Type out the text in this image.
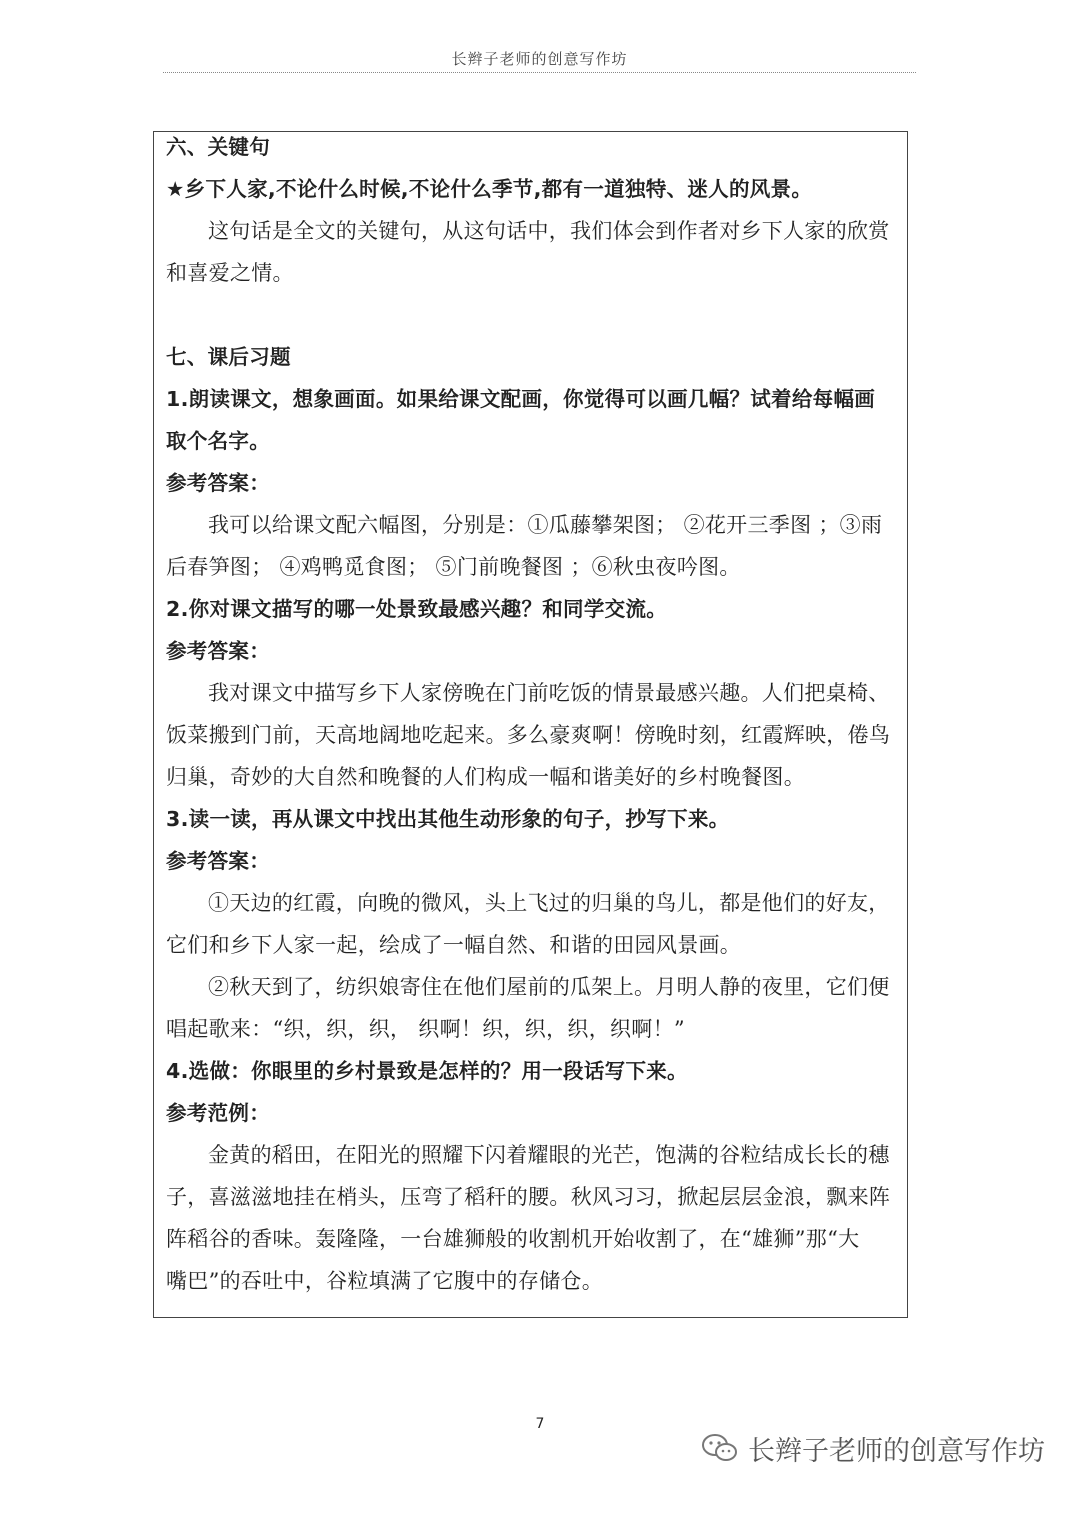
长辫子老师的创意写作坊
六、关键句
★乡下人家,不论什么时候,不论什么季节,都有一道独特、迷人的风景。
这句话是全文的关键句，从这句话中，我们体会到作者对乡下人家的欣赏
和喜爱之情。
七、课后习题
1.朗读课文，想象画面。如果给课文配画，你觉得可以画几幅？试着给每幅画
取个名字。
参考答案：
我可以给课文配六幅图，分别是：①瓜藤攀架图； ②花开三季图 ；③雨
后春笋图； ④鸡鸭觅食图； ⑤门前晚餐图 ；⑥秋虫夜吟图。
2.你对课文描写的哪一处景致最感兴趣？和同学交流。
参考答案：
我对课文中描写乡下人家傍晚在门前吃饭的情景最感兴趣。人们把桌椅、
饭菜搬到门前，天高地阔地吃起来。多么豪爽啊！傍晚时刻，红霞辉映，倦鸟
归巢，奇妙的大自然和晚餐的人们构成一幅和谐美好的乡村晚餐图。
3.读一读，再从课文中找出其他生动形象的句子，抄写下来。
参考答案：
①天边的红霞，向晚的微风，头上飞过的归巢的鸟儿，都是他们的好友，
它们和乡下人家一起，绘成了一幅自然、和谐的田园风景画。
②秋天到了，纺织娘寄住在他们屋前的瓜架上。月明人静的夜里，它们便
唱起歌来：“织，织，织， 织啊！织，织，织，织啊！”
4.选做：你眼里的乡村景致是怎样的？用一段话写下来。
参考范例：
金黄的稻田，在阳光的照耀下闪着耀眼的光芒，饱满的谷粒结成长长的穗
子，喜滋滋地挂在梢头，压弯了稻秆的腰。秋风习习，掀起层层金浪，飘来阵
阵稻谷的香味。轰隆隆，一台雄狮般的收割机开始收割了，在“雄狮”那“大
嘴巴”的吞吐中，谷粒填满了它腹中的存储仓。
7
长辫子老师的创意写作坊
